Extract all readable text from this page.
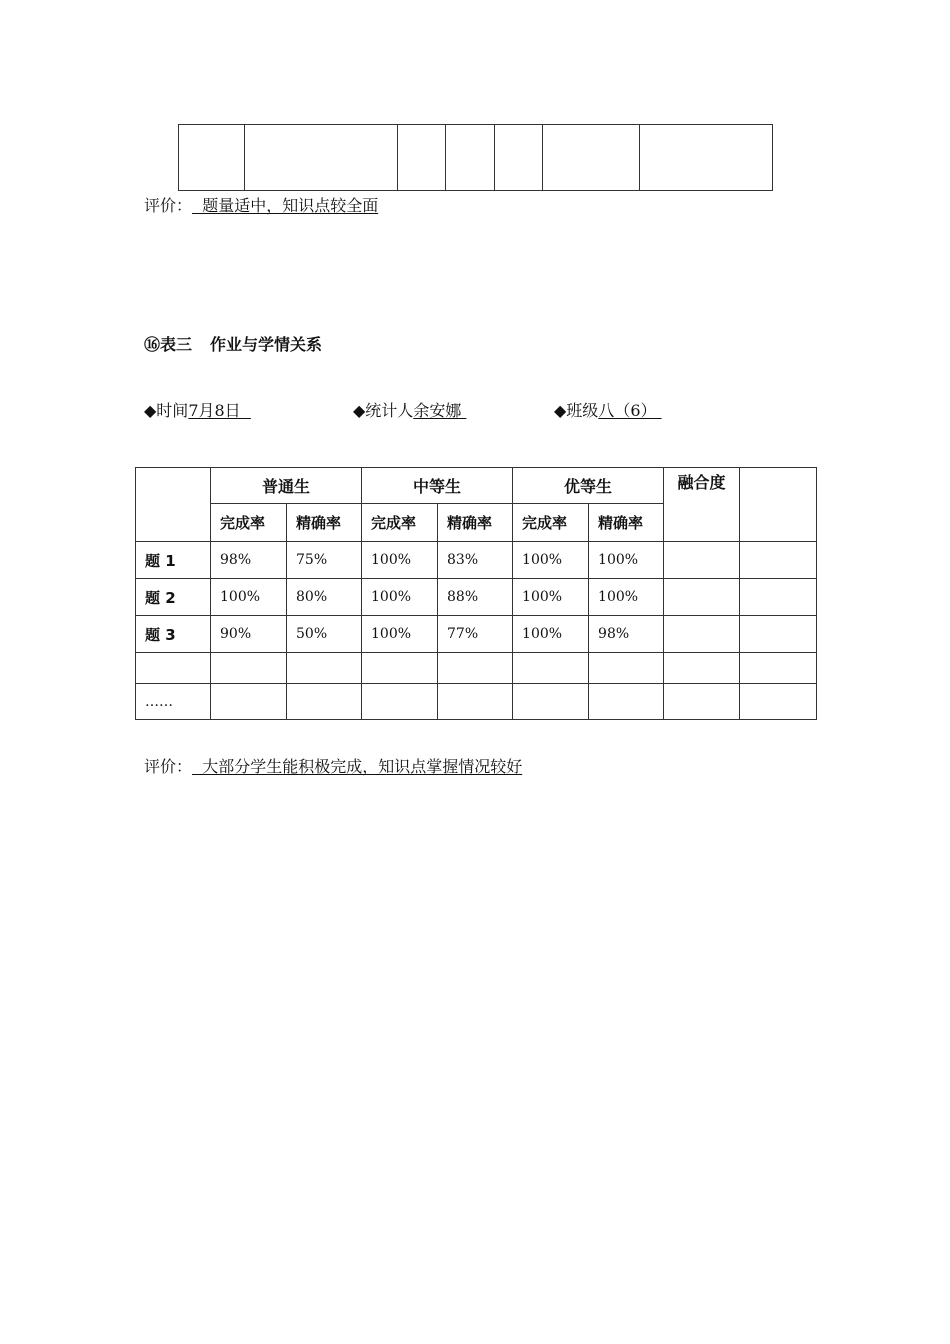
评价：  题量适中，知识点较全面
⑯表三 作业与学情关系
◆时间7月8日	◆统计人余安娜	◆班级八（6）
	普通生		中等生		优等生		融合度	
	完成率	精确率	完成率	精确率	完成率	精确率		
题 1	98%	75%	100%	83%	100%	100%		
题 2	100%	80%	100%	88%	100%	100%		
题 3	90%	50%	100%	77%	100%	98%		

……								
评价：  大部分学生能积极完成，知识点掌握情况较好
